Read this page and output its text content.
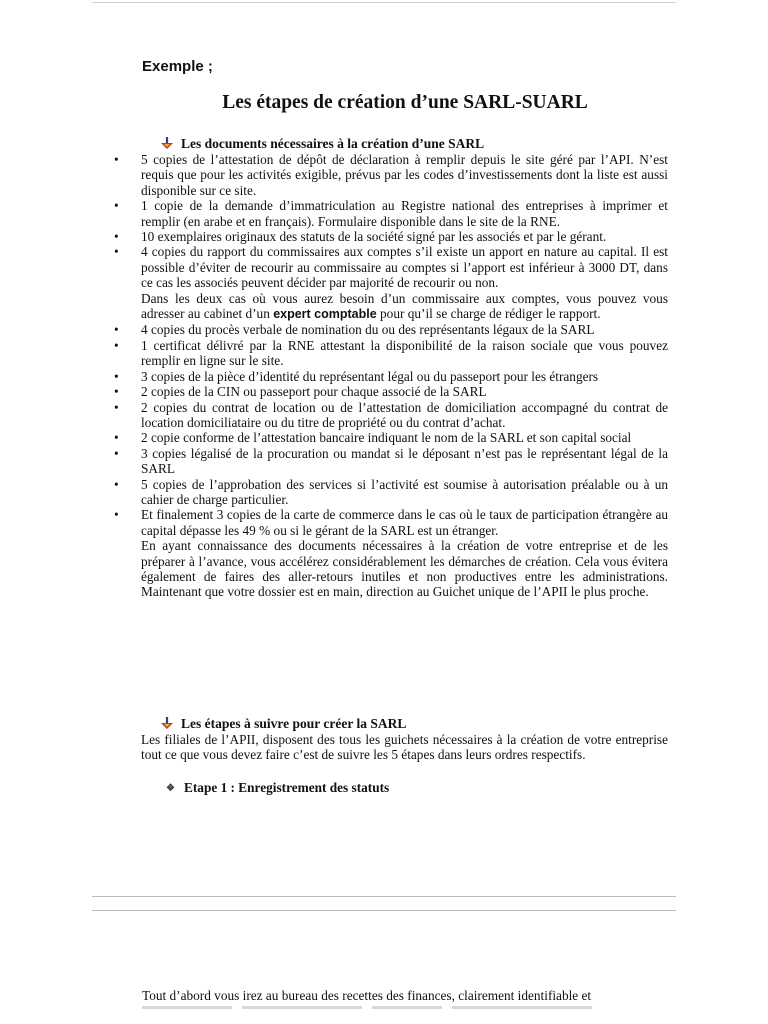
Exemple ;

Les étapes de création d’une SARL-SUARL
Les documents nécessaires à la création d’une SARL
• 5 copies de l’attestation de dépôt de déclaration à remplir depuis le site géré par l’API. N’est requis que pour les activités exigible, prévus par les codes d’investissements dont la liste est aussi disponible sur ce site.
• 1 copie de la demande d’immatriculation au Registre national des entreprises à imprimer et remplir (en arabe et en français). Formulaire disponible dans le site de la RNE.
• 10 exemplaires originaux des statuts de la société signé par les associés et par le gérant.
• 4 copies du rapport du commissaires aux comptes s’il existe un apport en nature au capital. Il est possible d’éviter de recourir au commissaire au comptes si l’apport est inférieur à 3000 DT, dans ce cas les associés peuvent décider par majorité de recourir ou non.

Dans les deux cas où vous aurez besoin d’un commissaire aux comptes, vous pouvez vous adresser au cabinet d’un expert comptable pour qu’il se charge de rédiger le rapport.

• 4 copies du procès verbale de nomination du ou des représentants légaux de la SARL
• 1 certificat délivré par la RNE attestant la disponibilité de la raison sociale que vous pouvez remplir en ligne sur le site.
• 3 copies de la pièce d’identité du représentant légal ou du passeport pour les étrangers
• 2 copies de la CIN ou passeport pour chaque associé de la SARL
• 2 copies du contrat de location ou de l’attestation de domiciliation accompagné du contrat de location domiciliataire ou du titre de propriété ou du contrat d’achat.
• 2 copie conforme de l’attestation bancaire indiquant le nom de la SARL et son capital social
• 3 copies légalisé de la procuration ou mandat si le déposant n’est pas le représentant légal de la SARL
• 5 copies de l’approbation des services si l’activité est soumise à autorisation préalable ou à un cahier de charge particulier.
• Et finalement 3 copies de la carte de commerce dans le cas où le taux de participation étrangère au capital dépasse les 49 % ou si le gérant de la SARL est un étranger.

En ayant connaissance des documents nécessaires à la création de votre entreprise et de les préparer à l’avance, vous accélérez considérablement les démarches de création. Cela vous évitera également de faires des aller-retours inutiles et non productives entre les administrations. Maintenant que votre dossier est en main, direction au Guichet unique de l’APII le plus proche.

Les étapes à suivre pour créer la SARL

Les filiales de l’APII, disposent des tous les guichets nécessaires à la création de votre entreprise tout ce que vous devez faire c’est de suivre les 5 étapes dans leurs ordres respectifs.

❖ Etape 1 : Enregistrement des statuts

Tout d’abord vous irez au bureau des recettes des finances, clairement identifiable et
